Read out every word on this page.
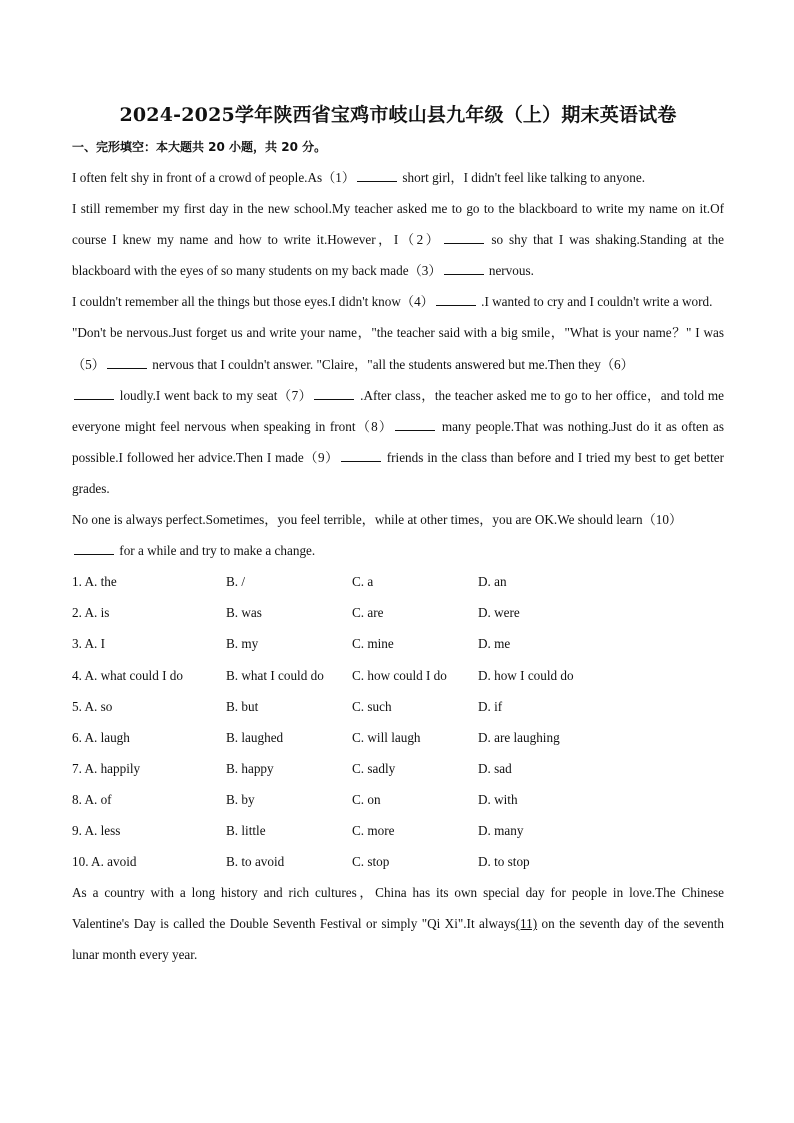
2024-2025学年陕西省宝鸡市岐山县九年级（上）期末英语试卷
一、完形填空：本大题共 20 小题，共 20 分。

I often felt shy in front of a crowd of people.As（1）	short girl，I didn't feel like talking to anyone.

I still remember my first day in the new school.My teacher asked me to go to the blackboard to write my name on it.Of course I knew my name and how to write it.However，I（2）	so shy that I was shaking.Standing at the blackboard with the eyes of so many students on my back made（3）	nervous.

I couldn't remember all the things but those eyes.I didn't know（4）	.I wanted to cry and I couldn't write a word.

"Don't be nervous.Just forget us and write your name，"the teacher said with a big smile，"What is your name？" I was（5）	nervous that I couldn't answer. "Claire，"all the students answered but me.Then they（6）
loudly.I went back to my seat（7）	.After class，the teacher asked me to go to her office，and told me everyone might feel nervous when speaking in front（8）	many people.That was nothing.Just do it as often as possible.I followed her advice.Then I made（9）	friends in the class than before and I tried my best to get better grades.

No one is always perfect.Sometimes，you feel terrible，while at other times，you are OK.We should learn（10）
for a while and try to make a change.

1. A. the	B. /	C. a	D. an
2. A. is	B. was	C. are	D. were
3. A. I	B. my	C. mine	D. me
4. A. what could I do	B. what I could do	C. how could I do	D. how I could do
5. A. so	B. but	C. such	D. if
6. A. laugh	B. laughed	C. will laugh	D. are laughing
7. A. happily	B. happy	C. sadly	D. sad
8. A. of	B. by	C. on	D. with
9. A. less	B. little	C. more	D. many
10. A. avoid	B. to avoid	C. stop	D. to stop

As a country with a long history and rich cultures，China has its own special day for people in love.The Chinese Valentine's Day is called the Double Seventh Festival or simply "Qi Xi".It always(11) on the seventh day of the seventh lunar month every year.
